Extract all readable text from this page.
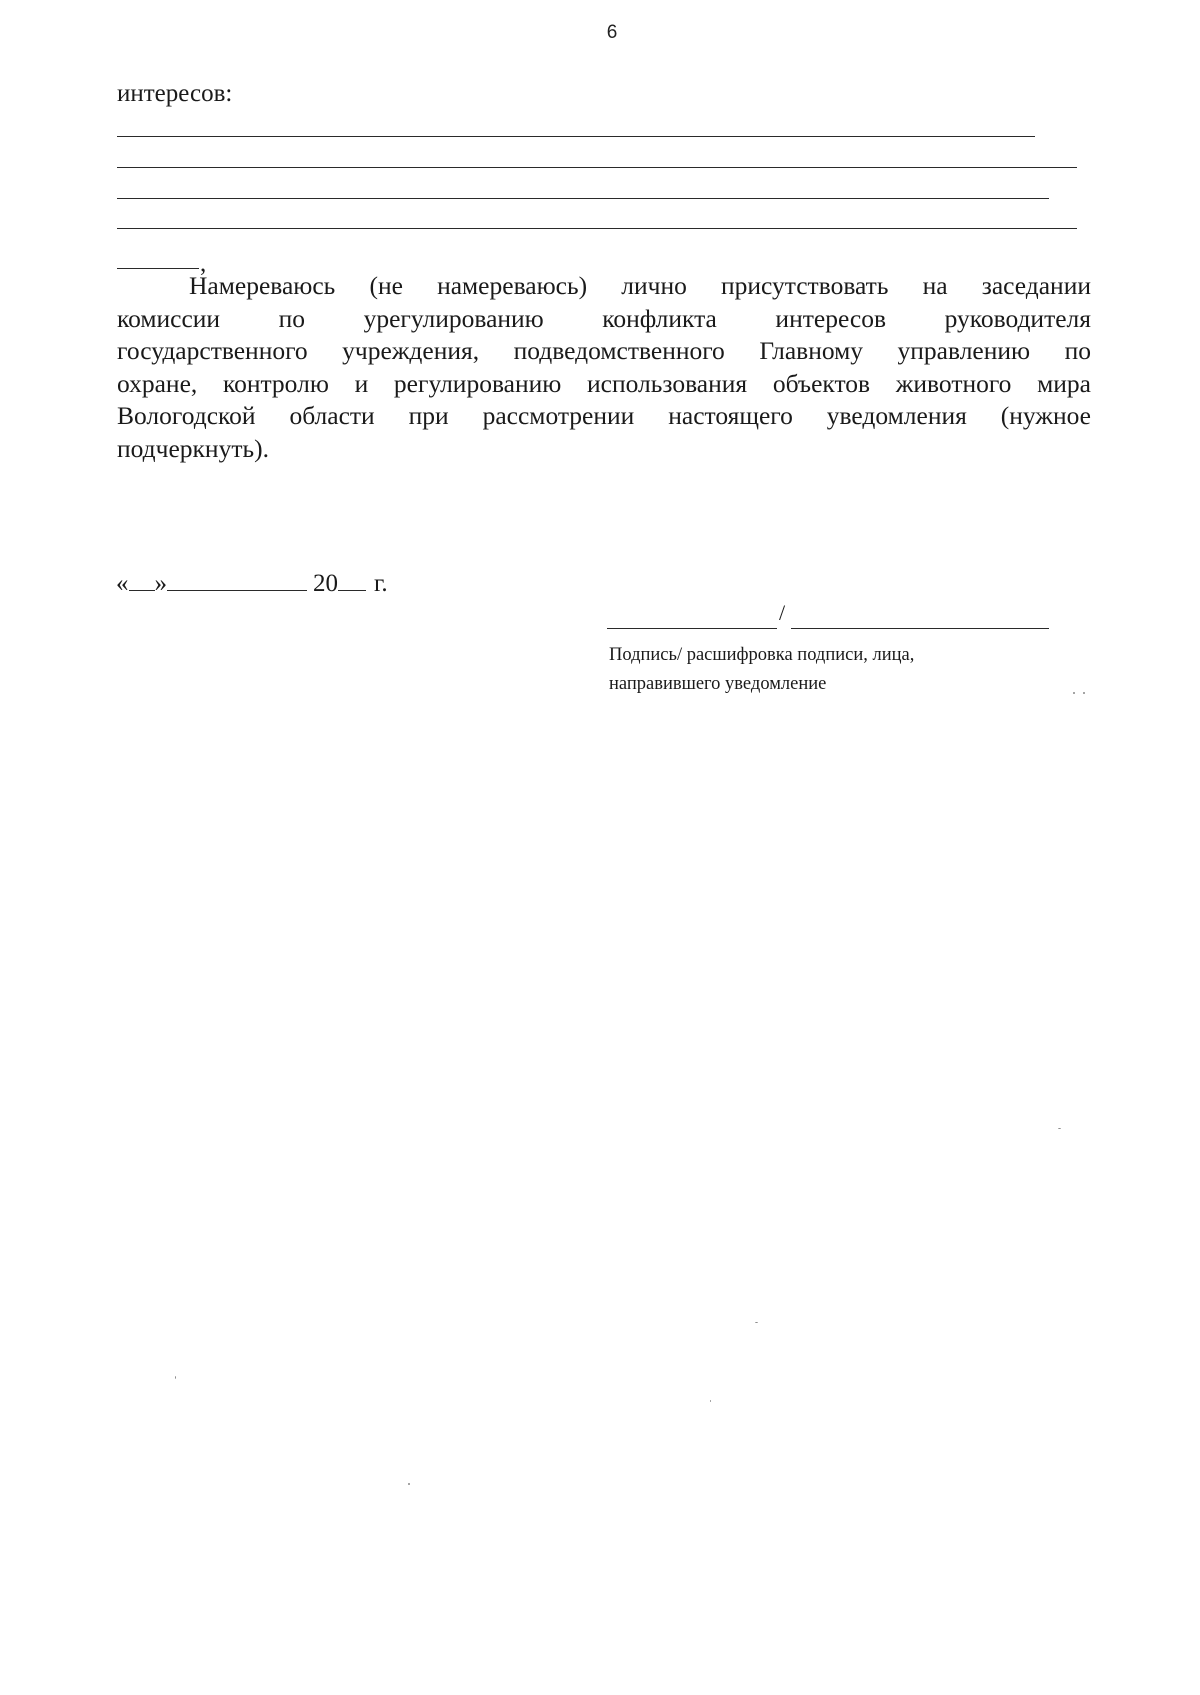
6
интересов:
,
Намереваюсь (не намереваюсь) лично присутствовать на заседании
комиссии по урегулированию конфликта интересов руководителя
государственного учреждения, подведомственного Главному управлению по
охране, контролю и регулированию использования объектов животного мира
Вологодской области при рассмотрении настоящего уведомления (нужное
подчеркнуть).
« »	20 г.
/
Подпись/ расшифровка подписи, лица,
направившего уведомление
